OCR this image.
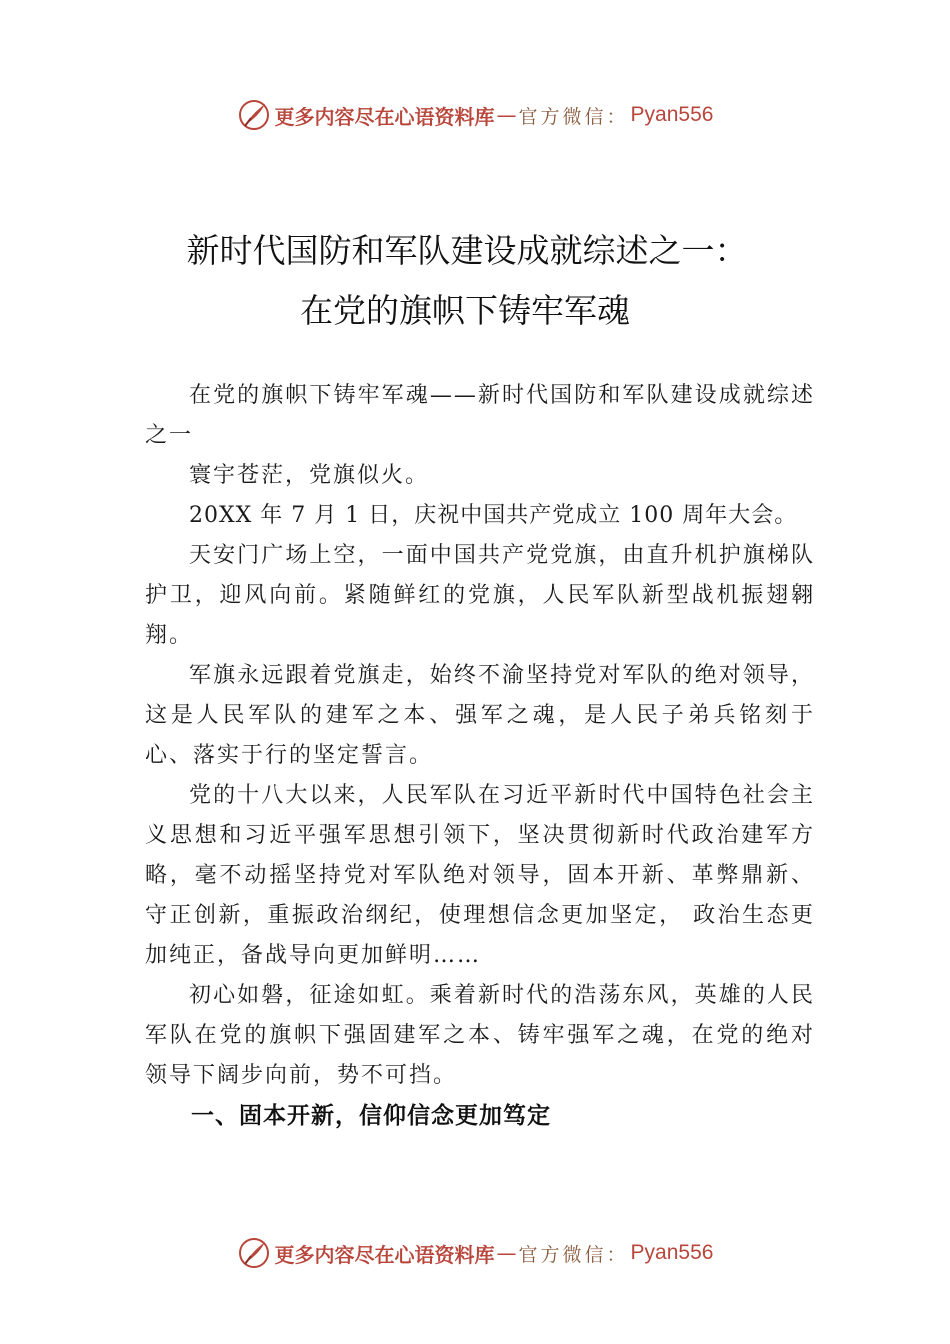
更多内容尽在心语资料库 — 官方微信： Pyan556
新时代国防和军队建设成就综述之一：
在党的旗帜下铸牢军魂

在党的旗帜下铸牢军魂——新时代国防和军队建设成就综述之一

寰宇苍茫，党旗似火。

20XX 年 7 月 1 日，庆祝中国共产党成立 100 周年大会。

天安门广场上空，一面中国共产党党旗，由直升机护旗梯队护卫，迎风向前。紧随鲜红的党旗，人民军队新型战机振翅翱翔。

军旗永远跟着党旗走，始终不渝坚持党对军队的绝对领导，这是人民军队的建军之本、强军之魂，是人民子弟兵铭刻于心、落实于行的坚定誓言。

党的十八大以来，人民军队在习近平新时代中国特色社会主义思想和习近平强军思想引领下，坚决贯彻新时代政治建军方略，毫不动摇坚持党对军队绝对领导，固本开新、革弊鼎新、守正创新，重振政治纲纪，使理想信念更加坚定， 政治生态更加纯正，备战导向更加鲜明……

初心如磐，征途如虹。乘着新时代的浩荡东风，英雄的人民军队在党的旗帜下强固建军之本、铸牢强军之魂，在党的绝对领导下阔步向前，势不可挡。

一、固本开新，信仰信念更加笃定

更多内容尽在心语资料库 — 官方微信： Pyan556
